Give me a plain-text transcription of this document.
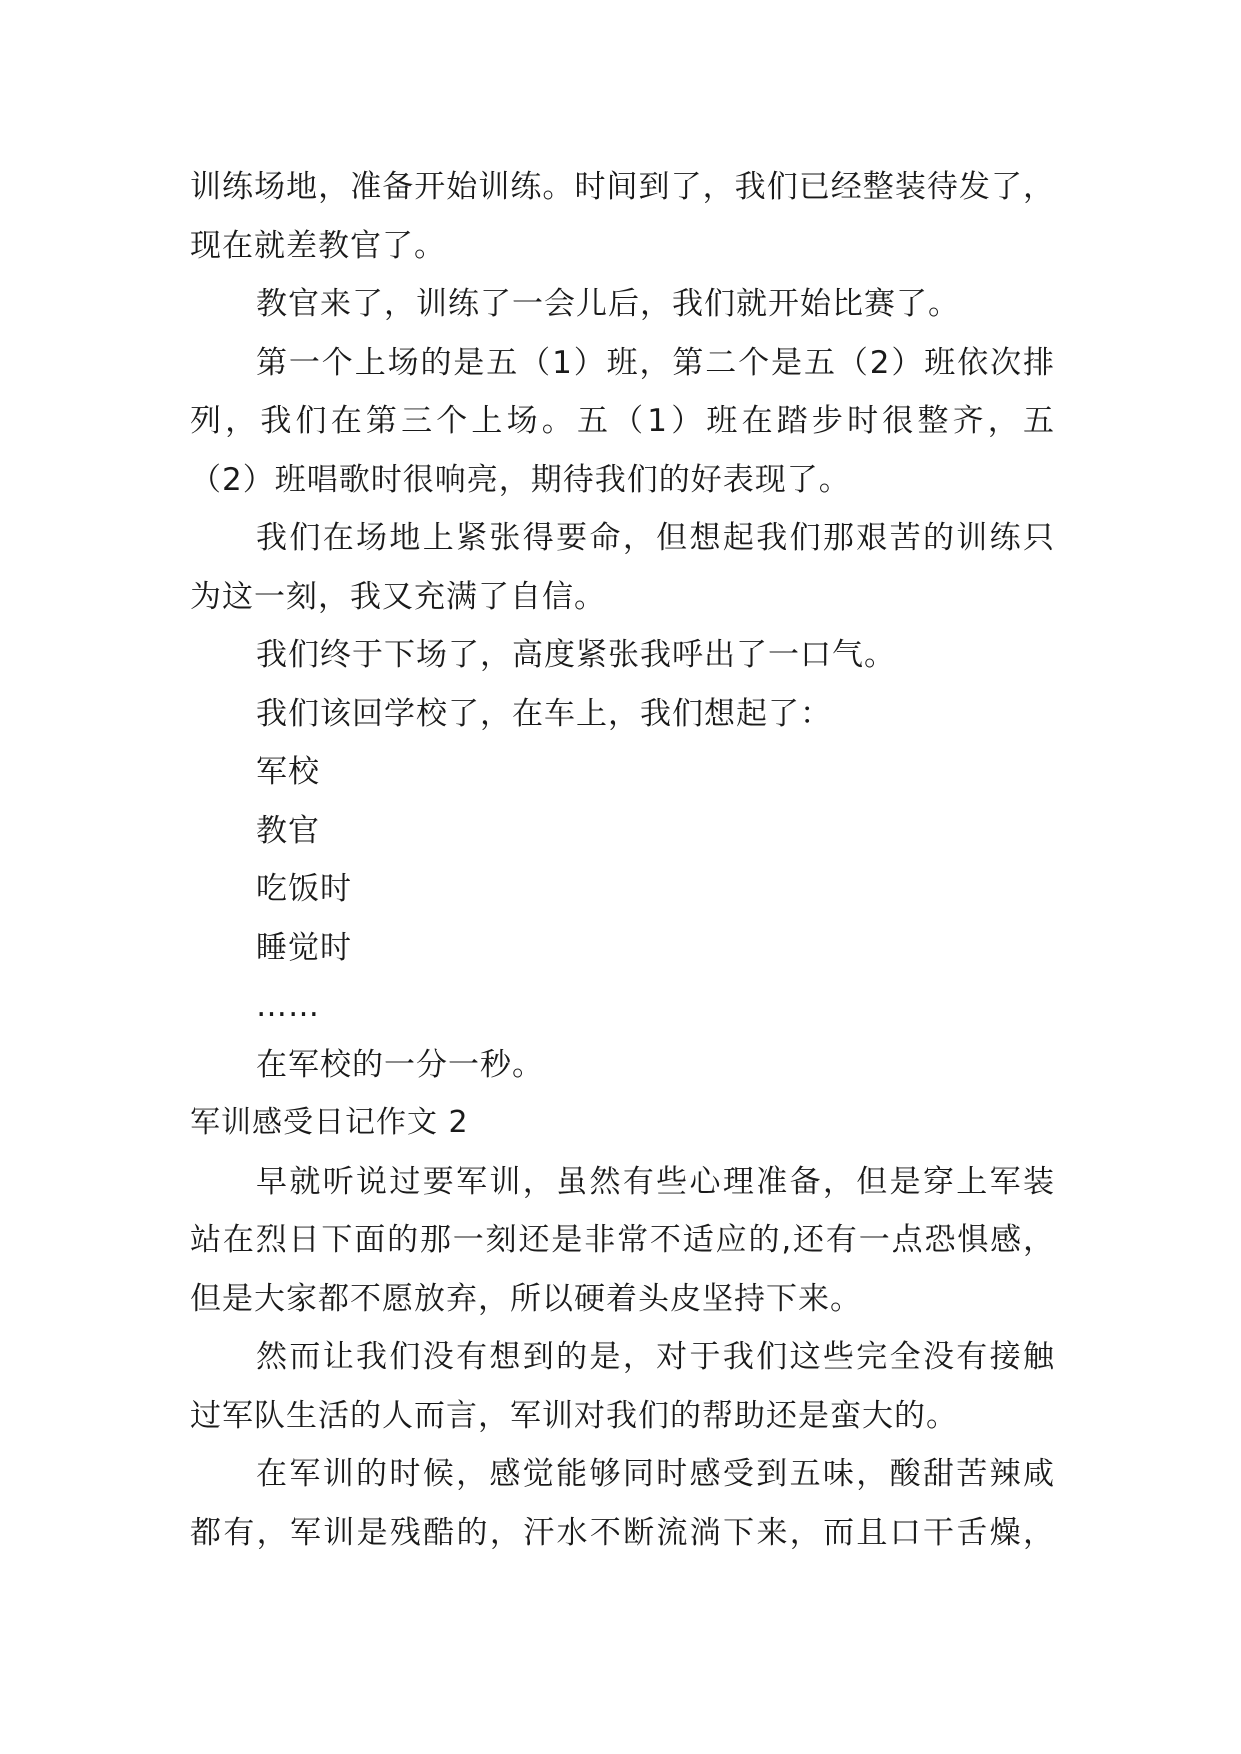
训练场地，准备开始训练。时间到了，我们已经整装待发了，
现在就差教官了。
教官来了，训练了一会儿后，我们就开始比赛了。
第一个上场的是五（1）班，第二个是五（2）班依次排
列，我们在第三个上场。五（1）班在踏步时很整齐，五
（2）班唱歌时很响亮，期待我们的好表现了。
我们在场地上紧张得要命，但想起我们那艰苦的训练只
为这一刻，我又充满了自信。
我们终于下场了，高度紧张我呼出了一口气。
我们该回学校了，在车上，我们想起了：
军校
教官
吃饭时
睡觉时
……
在军校的一分一秒。
军训感受日记作文 2
早就听说过要军训，虽然有些心理准备，但是穿上军装
站在烈日下面的那一刻还是非常不适应的,还有一点恐惧感，
但是大家都不愿放弃，所以硬着头皮坚持下来。
然而让我们没有想到的是，对于我们这些完全没有接触
过军队生活的人而言，军训对我们的帮助还是蛮大的。
在军训的时候，感觉能够同时感受到五味，酸甜苦辣咸
都有，军训是残酷的，汗水不断流淌下来，而且口干舌燥，
